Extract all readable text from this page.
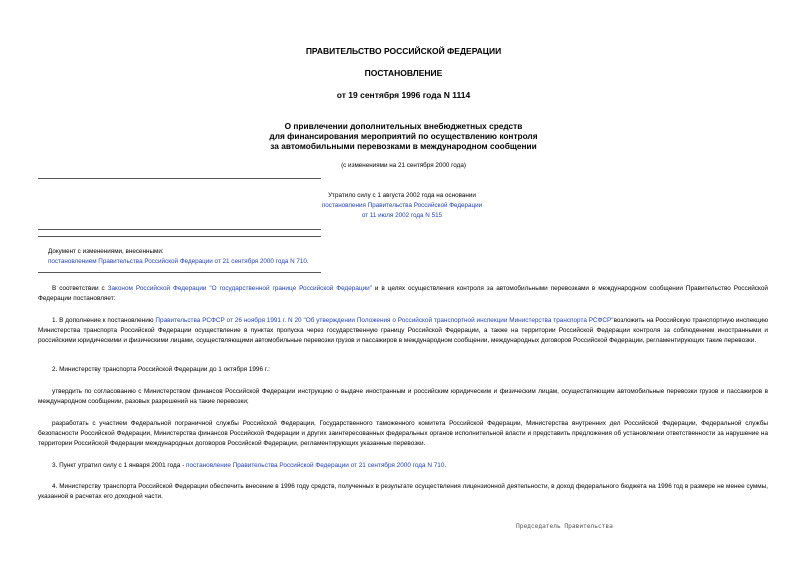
ПРАВИТЕЛЬСТВО РОССИЙСКОЙ ФЕДЕРАЦИИ
ПОСТАНОВЛЕНИЕ
от 19 сентября 1996 года N 1114
О привлечении дополнительных внебюджетных средств
для финансирования мероприятий по осуществлению контроля
за автомобильными перевозками в международном сообщении
(с изменениями на 21 сентября 2000 года)
Утратило силу с 1 августа 2002 года на основании
постановления Правительства Российской Федерации
от 11 июля 2002 года N 515
Документ с изменениями, внесенными:
постановлением Правительства Российской Федерации от 21 сентября 2000 года N 710.

В соответствии с Законом Российской Федерации "О государственной границе Российской Федерации" и в целях осуществления контроля за автомобильными перевозками в международном сообщении Правительство Российской Федерации постановляет:

1. В дополнение к постановлению Правительства РСФСР от 26 ноября 1991 г. N 20 "Об утверждении Положения о Российской транспортной инспекции Министерства транспорта РСФСР"возложить на Российскую транспортную инспекцию Министерства транспорта Российской Федерации осуществление в пунктах пропуска через государственную границу Российской Федерации, а также на территории Российской Федерации контроля за соблюдением иностранными и российскими юридическими и физическими лицами, осуществляющими автомобильные перевозки грузов и пассажиров в международном сообщении, международных договоров Российской Федерации, регламентирующих такие перевозки.

2. Министерству транспорта Российской Федерации до 1 октября 1996 г.:

утвердить по согласованию с Министерством финансов Российской Федерации инструкцию о выдаче иностранным и российским юридическим и физическим лицам, осуществляющим автомобильные перевозки грузов и пассажиров в международном сообщении, разовых разрешений на такие перевозки;

разработать с участием Федеральной пограничной службы Российской Федерации, Государственного таможенного комитета Российской Федерации, Министерства внутренних дел Российской Федерации, Федеральной службы безопасности Российской Федерации, Министерства финансов Российской Федерации и других заинтересованных федеральных органов исполнительной власти и представить предложения об установлении ответственности за нарушение на территории Российской Федерации международных договоров Российской Федерации, регламентирующих указанные перевозки.

3. Пункт утратил силу с 1 января 2001 года - постановление Правительства Российской Федерации от 21 сентября 2000 года N 710.

4. Министерству транспорта Российской Федерации обеспечить внесение в 1996 году средств, полученных в результате осуществления лицензионной деятельности, в доход федерального бюджета на 1996 год в размере не менее суммы, указанной в расчетах его доходной части.

Председатель Правительства
